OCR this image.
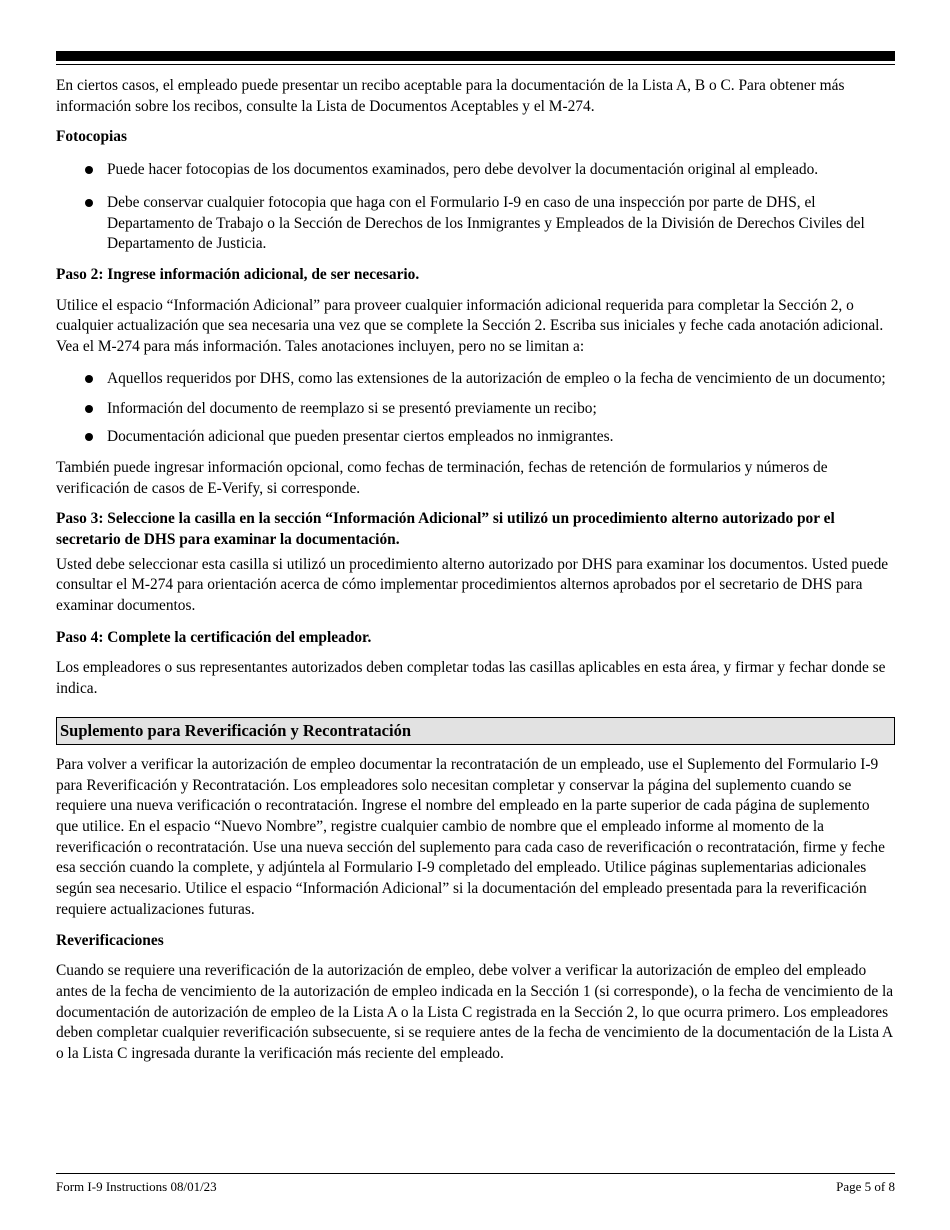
En ciertos casos, el empleado puede presentar un recibo aceptable para la documentación de la Lista A, B o C. Para obtener más información sobre los recibos, consulte la Lista de Documentos Aceptables y el M-274.

Fotocopias
Puede hacer fotocopias de los documentos examinados, pero debe devolver la documentación original al empleado.
Debe conservar cualquier fotocopia que haga con el Formulario I-9 en caso de una inspección por parte de DHS, el Departamento de Trabajo o la Sección de Derechos de los Inmigrantes y Empleados de la División de Derechos Civiles del Departamento de Justicia.
Paso 2: Ingrese información adicional, de ser necesario.

Utilice el espacio “Información Adicional” para proveer cualquier información adicional requerida para completar la Sección 2, o cualquier actualización que sea necesaria una vez que se complete la Sección 2. Escriba sus iniciales y feche cada anotación adicional. Vea el M-274 para más información. Tales anotaciones incluyen, pero no se limitan a:

Aquellos requeridos por DHS, como las extensiones de la autorización de empleo o la fecha de vencimiento de un documento;
Información del documento de reemplazo si se presentó previamente un recibo;
Documentación adicional que pueden presentar ciertos empleados no inmigrantes.

También puede ingresar información opcional, como fechas de terminación, fechas de retención de formularios y números de verificación de casos de E-Verify, si corresponde.

Paso 3: Seleccione la casilla en la sección “Información Adicional” si utilizó un procedimiento alterno autorizado por el secretario de DHS para examinar la documentación.

Usted debe seleccionar esta casilla si utilizó un procedimiento alterno autorizado por DHS para examinar los documentos. Usted puede consultar el M-274 para orientación acerca de cómo implementar procedimientos alternos aprobados por el secretario de DHS para examinar documentos.

Paso 4: Complete la certificación del empleador.

Los empleadores o sus representantes autorizados deben completar todas las casillas aplicables en esta área, y firmar y fechar donde se indica.

Suplemento para Reverificación y Recontratación

Para volver a verificar la autorización de empleo documentar la recontratación de un empleado, use el Suplemento del Formulario I-9 para Reverificación y Recontratación. Los empleadores solo necesitan completar y conservar la página del suplemento cuando se requiere una nueva verificación o recontratación. Ingrese el nombre del empleado en la parte superior de cada página de suplemento que utilice. En el espacio “Nuevo Nombre”, registre cualquier cambio de nombre que el empleado informe al momento de la reverificación o recontratación. Use una nueva sección del suplemento para cada caso de reverificación o recontratación, firme y feche esa sección cuando la complete, y adjúntela al Formulario I-9 completado del empleado. Utilice páginas suplementarias adicionales según sea necesario. Utilice el espacio “Información Adicional” si la documentación del empleado presentada para la reverificación requiere actualizaciones futuras.

Reverificaciones

Cuando se requiere una reverificación de la autorización de empleo, debe volver a verificar la autorización de empleo del empleado antes de la fecha de vencimiento de la autorización de empleo indicada en la Sección 1 (si corresponde), o la fecha de vencimiento de la documentación de autorización de empleo de la Lista A o la Lista C registrada en la Sección 2, lo que ocurra primero. Los empleadores deben completar cualquier reverificación subsecuente, si se requiere antes de la fecha de vencimiento de la documentación de la Lista A o la Lista C ingresada durante la verificación más reciente del empleado.

Form I-9 Instructions 08/01/23	Page 5 of 8
